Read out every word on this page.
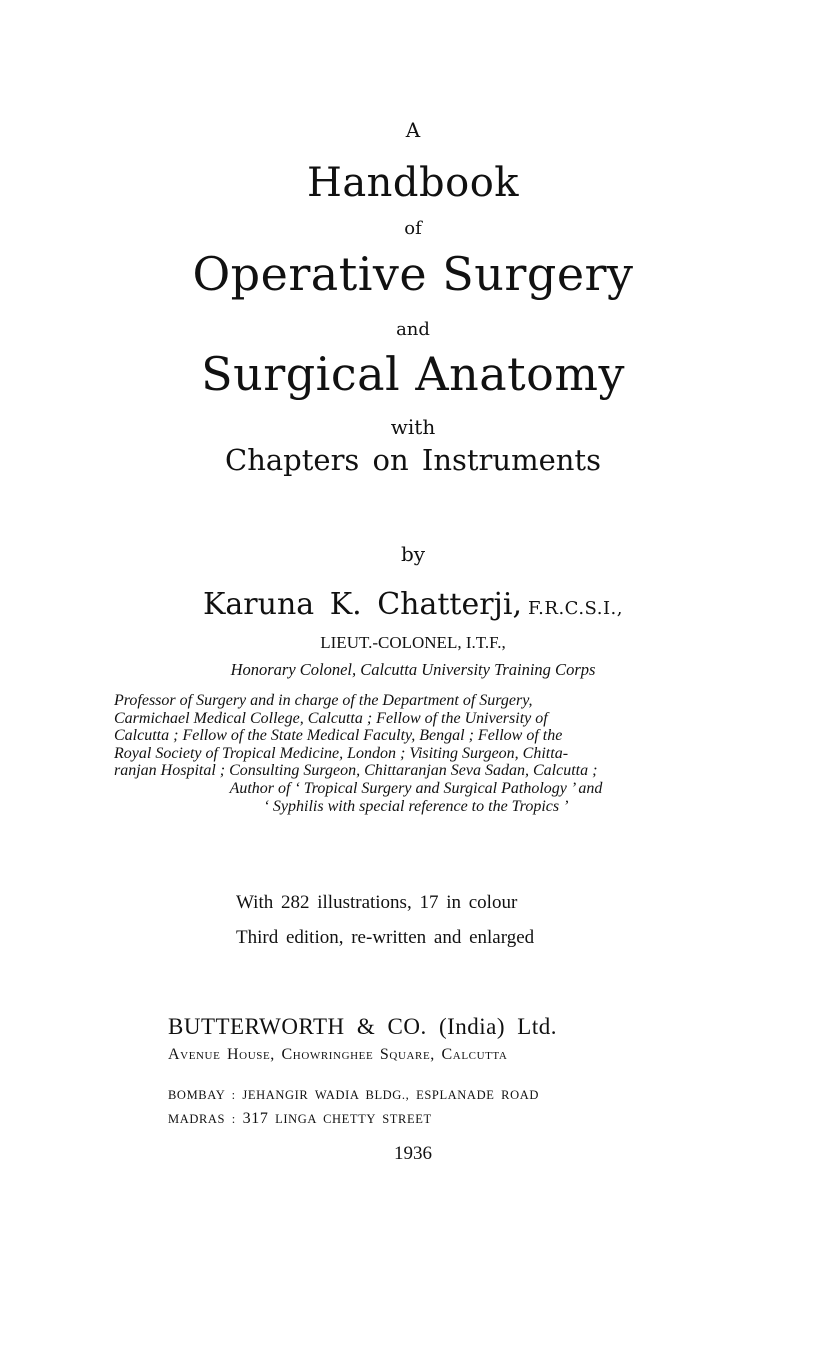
A
Handbook
of
Operative Surgery
and
Surgical Anatomy
with
Chapters on Instruments
by
Karuna K. Chatterji, F.R.C.S.I.,
LIEUT.-COLONEL, I.T.F.,
Honorary Colonel, Calcutta University Training Corps
Professor of Surgery and in charge of the Department of Surgery,
Carmichael Medical College, Calcutta ; Fellow of the University of
Calcutta ; Fellow of the State Medical Faculty, Bengal ; Fellow of the
Royal Society of Tropical Medicine, London ; Visiting Surgeon, Chitta-
ranjan Hospital ; Consulting Surgeon, Chittaranjan Seva Sadan, Calcutta ;
Author of ‘ Tropical Surgery and Surgical Pathology ’ and
‘ Syphilis with special reference to the Tropics ’
With 282 illustrations, 17 in colour
Third edition, re-written and enlarged
BUTTERWORTH & CO. (India) Ltd.
Avenue House, Chowringhee Square, Calcutta
BOMBAY : JEHANGIR WADIA BLDG., ESPLANADE ROAD
MADRAS : 317 LINGA CHETTY STREET
1936
